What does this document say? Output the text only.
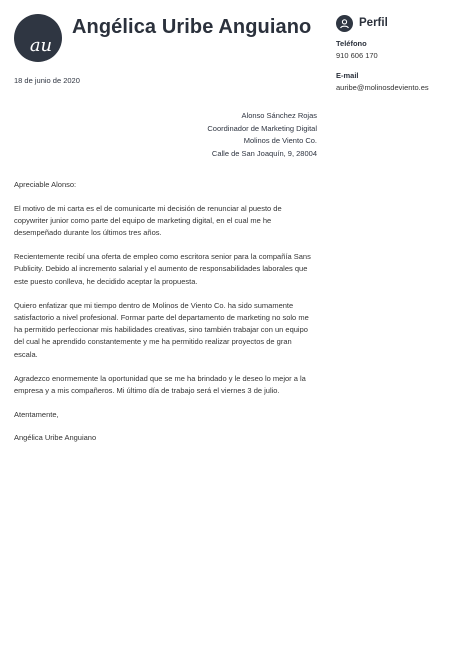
au
Angélica Uribe Anguiano	Perfil
Teléfono
910 606 170
E-mail
auribe@molinosdeviento.es
18 de junio de 2020
Alonso Sánchez Rojas
Coordinador de Marketing Digital
Molinos de Viento Co.
Calle de San Joaquín, 9, 28004

Apreciable Alonso:

El motivo de mi carta es el de comunicarte mi decisión de renunciar al puesto de copywriter junior como parte del equipo de marketing digital, en el cual me he desempeñado durante los últimos tres años.

Recientemente recibí una oferta de empleo como escritora senior para la compañía Sans Publicity. Debido al incremento salarial y el aumento de responsabilidades laborales que este puesto conlleva, he decidido aceptar la propuesta.

Quiero enfatizar que mi tiempo dentro de Molinos de Viento Co. ha sido sumamente satisfactorio a nivel profesional. Formar parte del departamento de marketing no solo me ha permitido perfeccionar mis habilidades creativas, sino también trabajar con un equipo del cual he aprendido constantemente y me ha permitido realizar proyectos de gran escala.

Agradezco enormemente la oportunidad que se me ha brindado y le deseo lo mejor a la empresa y a mis compañeros. Mi último día de trabajo será el viernes 3 de julio.

Atentamente,

Angélica Uribe Anguiano
